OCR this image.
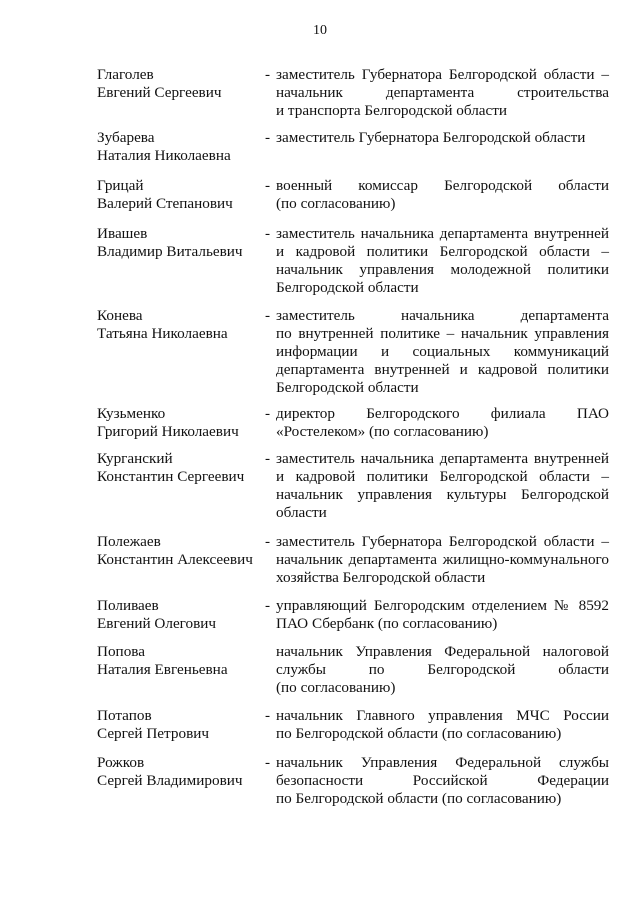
10
Глаголев
Евгений Сергеевич
- заместитель Губернатора Белгородской области –
начальник департамента строительства
и транспорта Белгородской области
Зубарева
Наталия Николаевна
- заместитель Губернатора Белгородской области
Грицай
Валерий Степанович
- военный комиссар Белгородской области
(по согласованию)
Ивашев
Владимир Витальевич
- заместитель начальника департамента внутренней
и кадровой политики Белгородской области –
начальник управления молодежной политики
Белгородской области
Конева
Татьяна Николаевна
- заместитель начальника департамента
по внутренней политике – начальник управления
информации и социальных коммуникаций
департамента внутренней и кадровой политики
Белгородской области
Кузьменко
Григорий Николаевич
- директор Белгородского филиала ПАО
«Ростелеком» (по согласованию)
Курганский
Константин Сергеевич
- заместитель начальника департамента внутренней
и кадровой политики Белгородской области –
начальник управления культуры Белгородской
области
Полежаев
Константин Алексеевич
- заместитель Губернатора Белгородской области –
начальник департамента жилищно-коммунального
хозяйства Белгородской области
Поливаев
Евгений Олегович
- управляющий Белгородским отделением № 8592
ПАО Сбербанк (по согласованию)
Попова
Наталия Евгеньевна
начальник Управления Федеральной налоговой
службы по Белгородской области
(по согласованию)
Потапов
Сергей Петрович
- начальник Главного управления МЧС России
по Белгородской области (по согласованию)
Рожков
Сергей Владимирович
- начальник Управления Федеральной службы
безопасности Российской Федерации
по Белгородской области (по согласованию)
